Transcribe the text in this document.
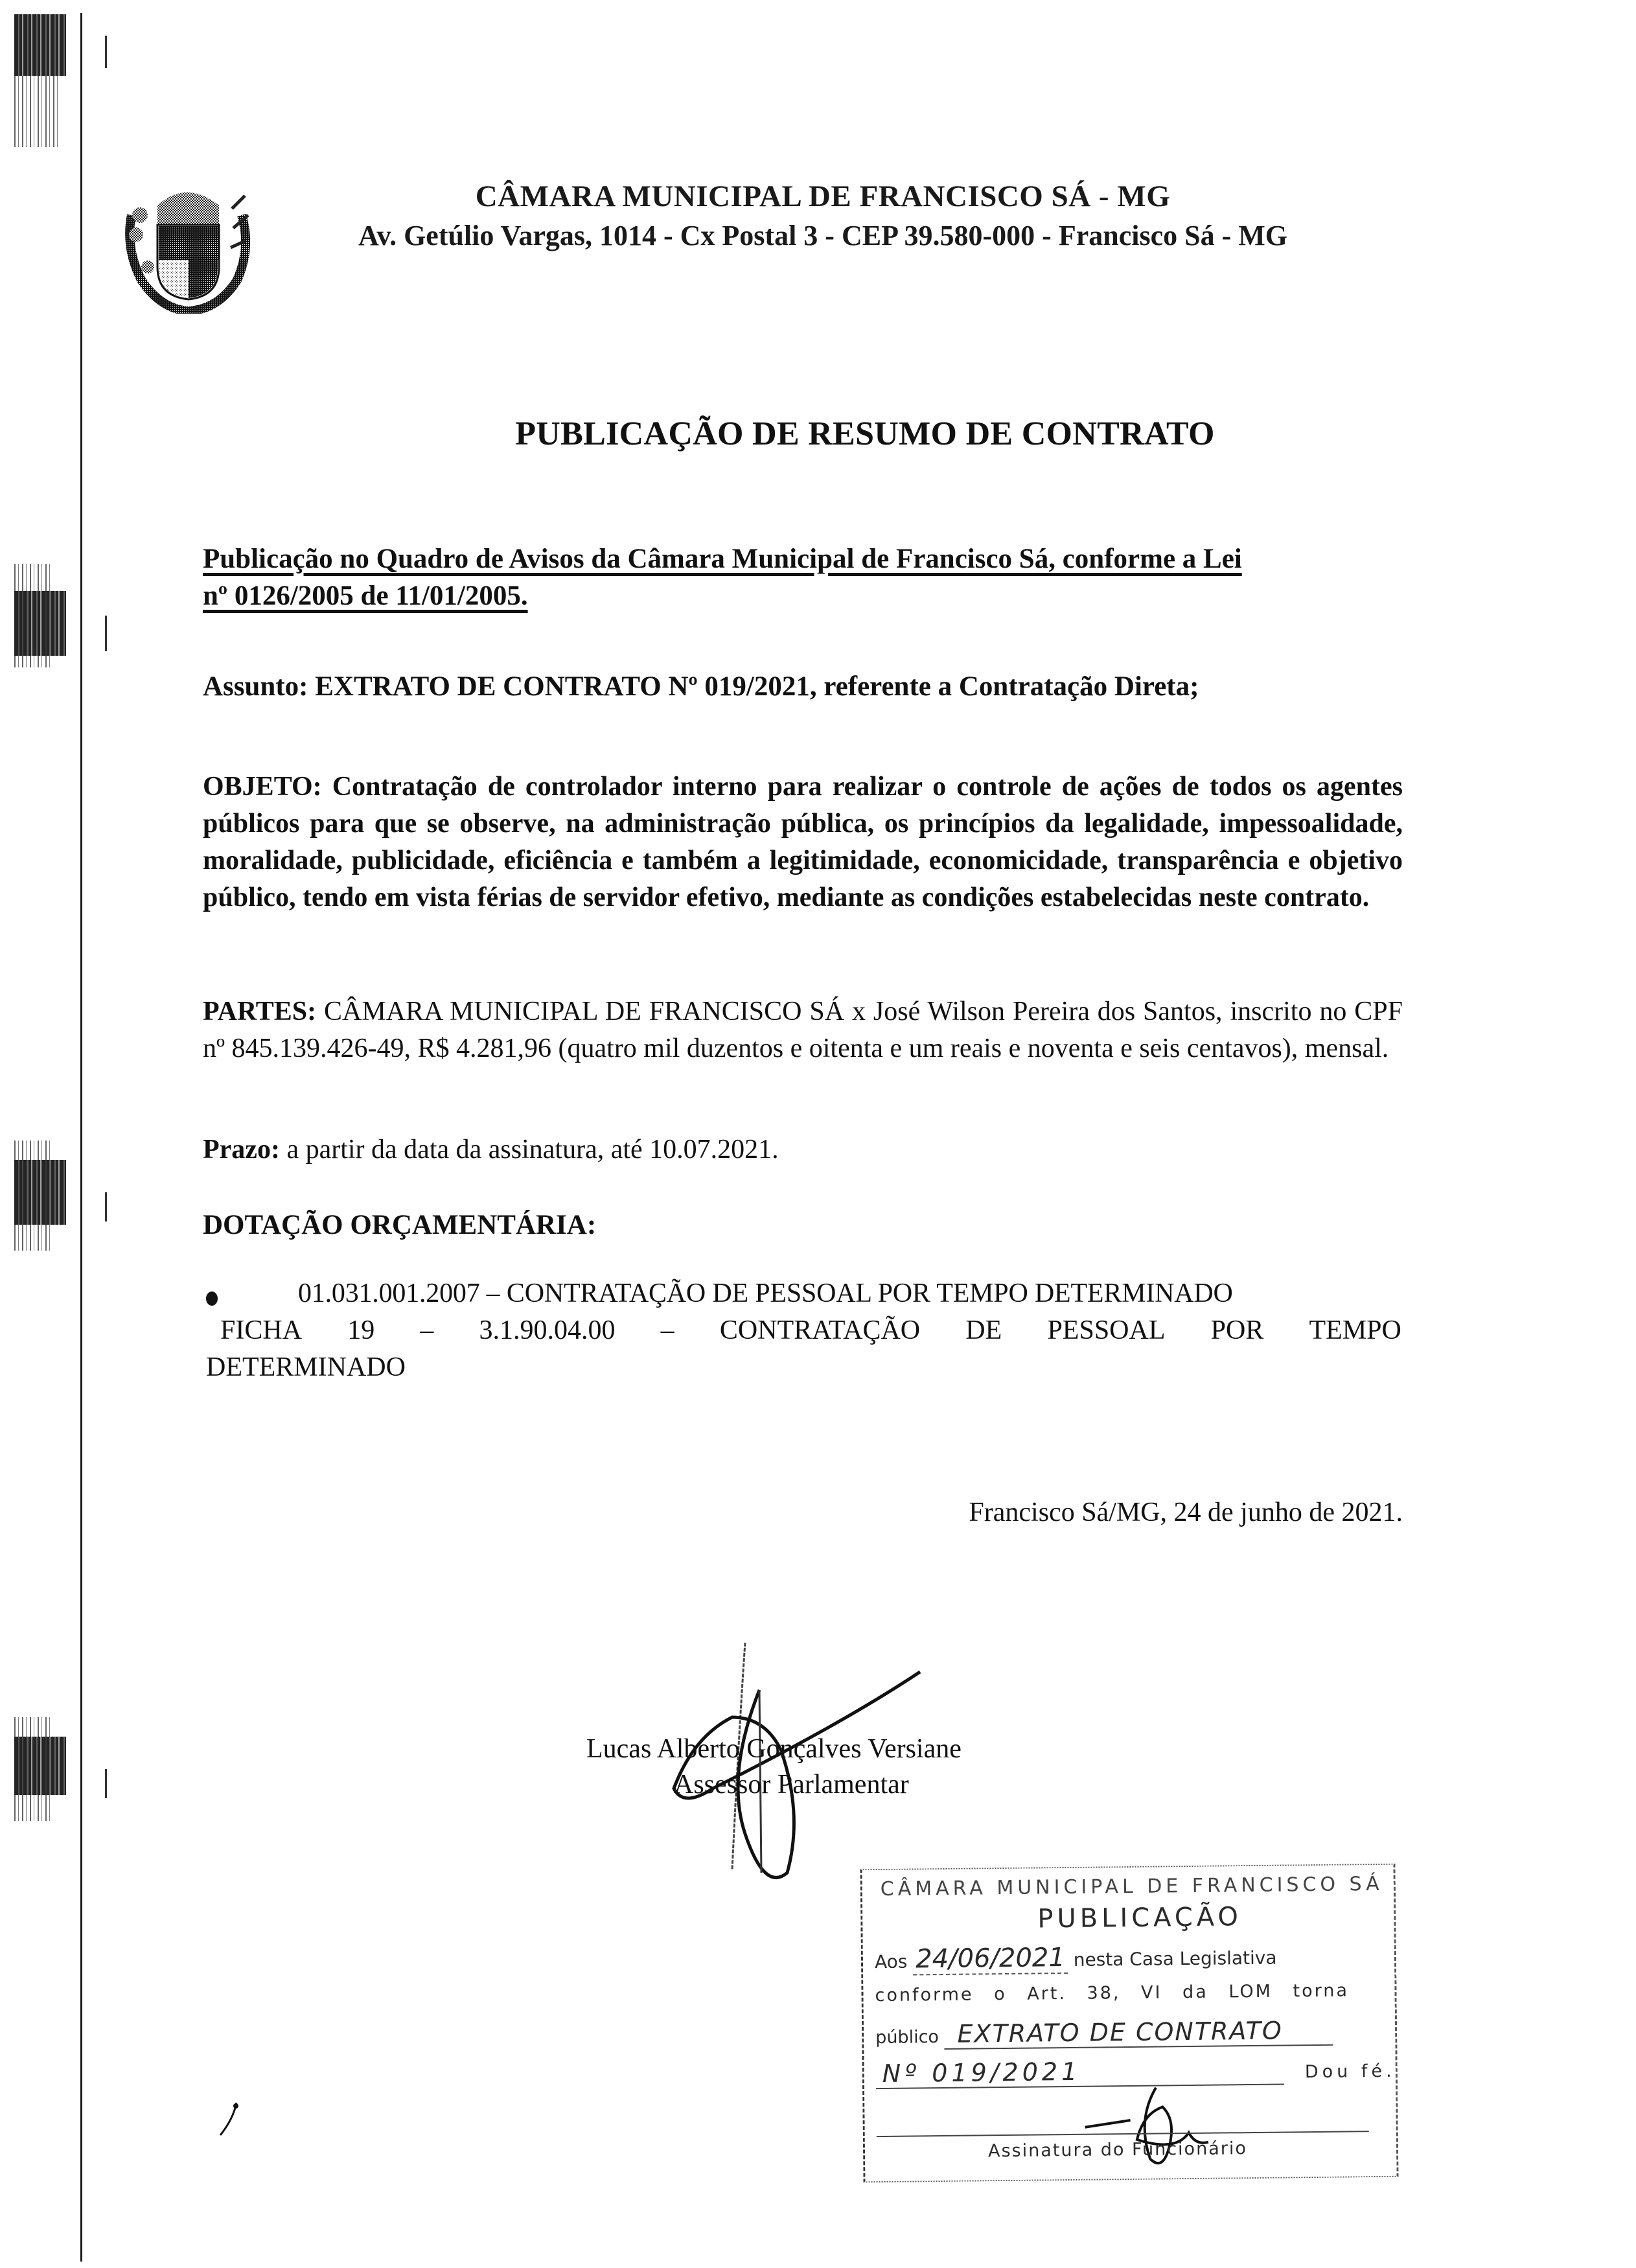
CÂMARA MUNICIPAL DE FRANCISCO SÁ - MG
Av. Getúlio Vargas, 1014 - Cx Postal 3 - CEP 39.580-000 - Francisco Sá - MG
PUBLICAÇÃO DE RESUMO DE CONTRATO
Publicação no Quadro de Avisos da Câmara Municipal de Francisco Sá, conforme a Lei
nº 0126/2005 de 11/01/2005.
Assunto: EXTRATO DE CONTRATO Nº 019/2021, referente a Contratação Direta;
OBJETO: Contratação de controlador interno para realizar o controle de ações de todos os agentes públicos para que se observe, na administração pública, os princípios da legalidade, impessoalidade, moralidade, publicidade, eficiência e também a legitimidade, economicidade, transparência e objetivo público, tendo em vista férias de servidor efetivo, mediante as condições estabelecidas neste contrato.
PARTES: CÂMARA MUNICIPAL DE FRANCISCO SÁ x José Wilson Pereira dos Santos, inscrito no CPF nº 845.139.426-49, R$ 4.281,96 (quatro mil duzentos e oitenta e um reais e noventa e seis centavos), mensal.
Prazo: a partir da data da assinatura, até 10.07.2021.
DOTAÇÃO ORÇAMENTÁRIA:
01.031.001.2007 – CONTRATAÇÃO DE PESSOAL POR TEMPO DETERMINADO
FICHA 19 – 3.1.90.04.00 – CONTRATAÇÃO DE PESSOAL POR TEMPO
DETERMINADO
Francisco Sá/MG, 24 de junho de 2021.
Lucas Alberto Gonçalves Versiane
Assessor Parlamentar
CÂMARA MUNICIPAL DE FRANCISCO SÁ
PUBLICAÇÃO
Aos 24/06/2021 nesta Casa Legislativa
conforme o Art. 38, VI da LOM torna
público EXTRATO DE CONTRATO
Nº 019/2021	Dou fé.
Assinatura do Funcionário
